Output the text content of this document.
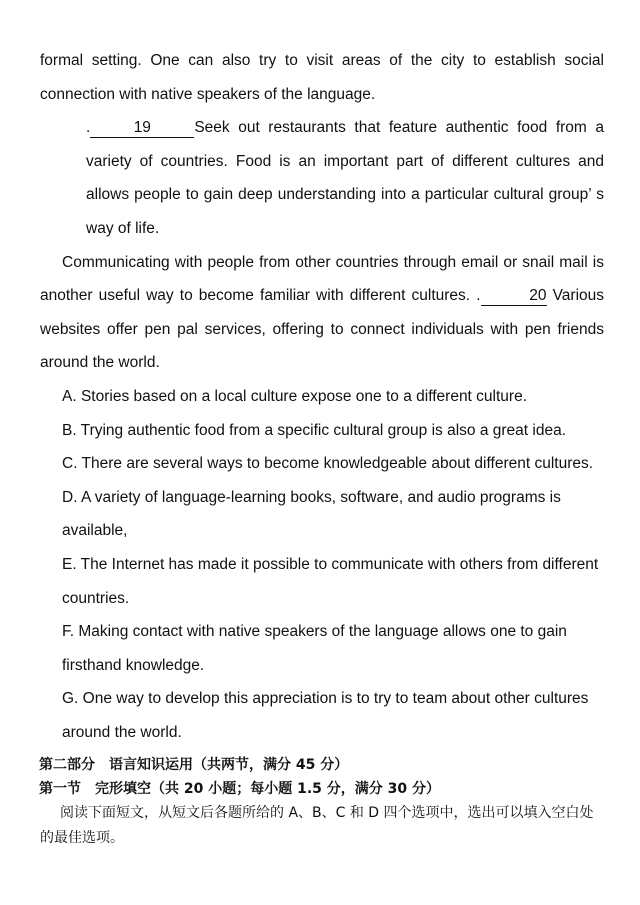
formal setting. One can also try to visit areas of the city to establish social connection with native speakers of the language.

.	19	Seek out restaurants that feature authentic food from a variety of countries. Food is an important part of different cultures and allows people to gain deep understanding into a particular cultural group’ s way of life.

Communicating with people from other countries through email or snail mail is another useful way to become familiar with different cultures. .	20 Various websites offer pen pal services, offering to connect individuals with pen friends around the world.

A. Stories based on a local culture expose one to a different culture.

B. Trying authentic food from a specific cultural group is also a great idea.

C. There are several ways to become knowledgeable about different cultures.

D. A variety of language-learning books, software, and audio programs is available,

E. The Internet has made it possible to communicate with others from different countries.

F. Making contact with native speakers of the language allows one to gain firsthand knowledge.

G. One way to develop this appreciation is to try to team about other cultures around the world.

第二部分　语言知识运用（共两节，满分 45 分）

第一节　完形填空（共 20 小题；每小题 1.5 分，满分 30 分）

阅读下面短文，从短文后各题所给的 A、B、C 和 D 四个选项中，选出可以填入空白处的最佳选项。
